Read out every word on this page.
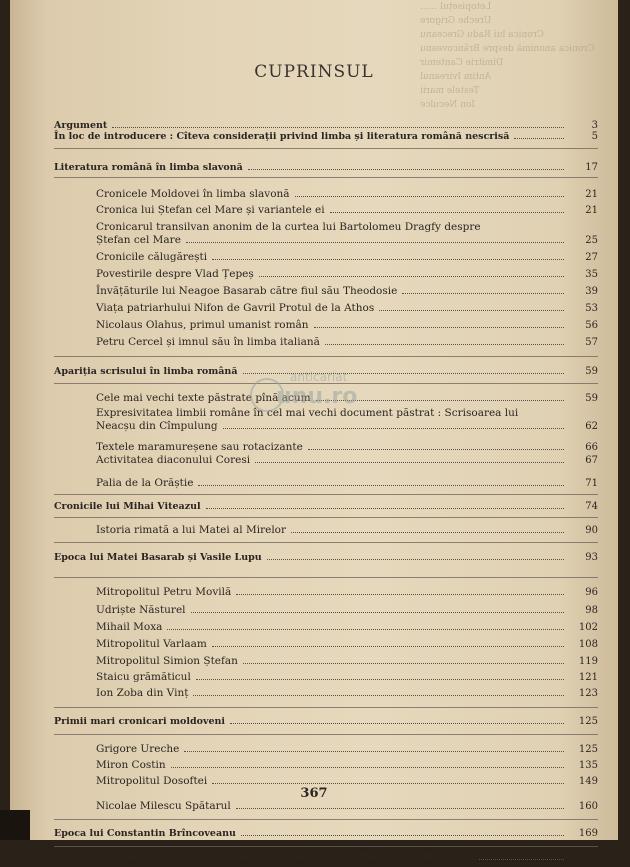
Letopisețul ......
Ureche Grigore
Cronica lui Radu Greceanu
Cronica anonimă despre Brâncoveanu
Dimitrie Cantemir
Antim Ivireanul
Testele marii
Ion Neculce
CUPRINSUL
Argument	3
În loc de introducere : Cîteva considerații privind limba și literatura română nescrisă	5
Literatura română în limba slavonă	17
Cronicele Moldovei în limba slavonă	21
Cronica lui Ștefan cel Mare și variantele ei	21
Cronicarul transilvan anonim de la curtea lui Bartolomeu Dragfy despre
Ștefan cel Mare	25
Cronicile călugărești	27
Povestirile despre Vlad Țepeș	35
Învățăturile lui Neagoe Basarab către fiul său Theodosie	39
Viața patriarhului Nifon de Gavril Protul de la Athos	53
Nicolaus Olahus, primul umanist român	56
Petru Cercel și imnul său în limba italiană	57
Apariția scrisului în limba română	59
Cele mai vechi texte păstrate pînă acum	59
Expresivitatea limbii române în cel mai vechi document păstrat : Scrisoarea lui
Neacșu din Cîmpulung	62
Textele maramureșene sau rotacizante	66
Activitatea diaconului Coresi	67
Palia de la Orăștie	71
Cronicile lui Mihai Viteazul	74
Istoria rimată a lui Matei al Mirelor	90
Epoca lui Matei Basarab și Vasile Lupu	93
Mitropolitul Petru Movilă	96
Udriște Năsturel	98
Mihail Moxa	102
Mitropolitul Varlaam	108
Mitropolitul Simion Ștefan	119
Staicu grămăticul	121
Ion Zoba din Vinț	123
Primii mari cronicari moldoveni	125
Grigore Ureche	125
Miron Costin	135
Mitropolitul Dosoftei	149
Nicolae Milescu Spătarul	160
Epoca lui Constantin Brîncoveanu	169
Actul oficial de naștere a limbii române literare : Biblia de la București	169
anticariat
unu.ro
367
